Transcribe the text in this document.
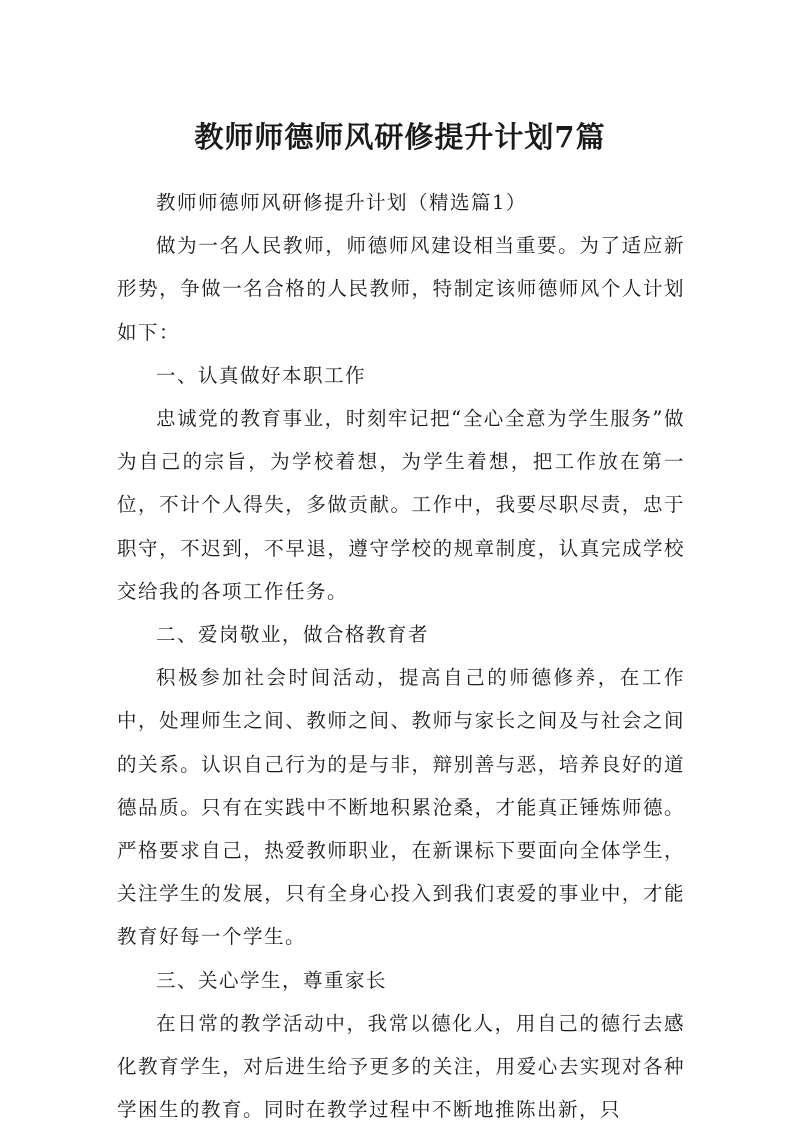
教师师德师风研修提升计划7篇

教师师德师风研修提升计划（精选篇1）

做为一名人民教师，师德师风建设相当重要。为了适应新形势，争做一名合格的人民教师，特制定该师德师风个人计划如下：

一、认真做好本职工作

忠诚党的教育事业，时刻牢记把“全心全意为学生服务”做为自己的宗旨，为学校着想，为学生着想，把工作放在第一位，不计个人得失，多做贡献。工作中，我要尽职尽责，忠于职守，不迟到，不早退，遵守学校的规章制度，认真完成学校交给我的各项工作任务。

二、爱岗敬业，做合格教育者

积极参加社会时间活动，提高自己的师德修养，在工作中，处理师生之间、教师之间、教师与家长之间及与社会之间的关系。认识自己行为的是与非，辩别善与恶，培养良好的道德品质。只有在实践中不断地积累沧桑，才能真正锤炼师德。严格要求自己，热爱教师职业，在新课标下要面向全体学生，关注学生的发展，只有全身心投入到我们衷爱的事业中，才能教育好每一个学生。

三、关心学生，尊重家长

在日常的教学活动中，我常以德化人，用自己的德行去感化教育学生，对后进生给予更多的关注，用爱心去实现对各种学困生的教育。同时在教学过程中不断地推陈出新，只
